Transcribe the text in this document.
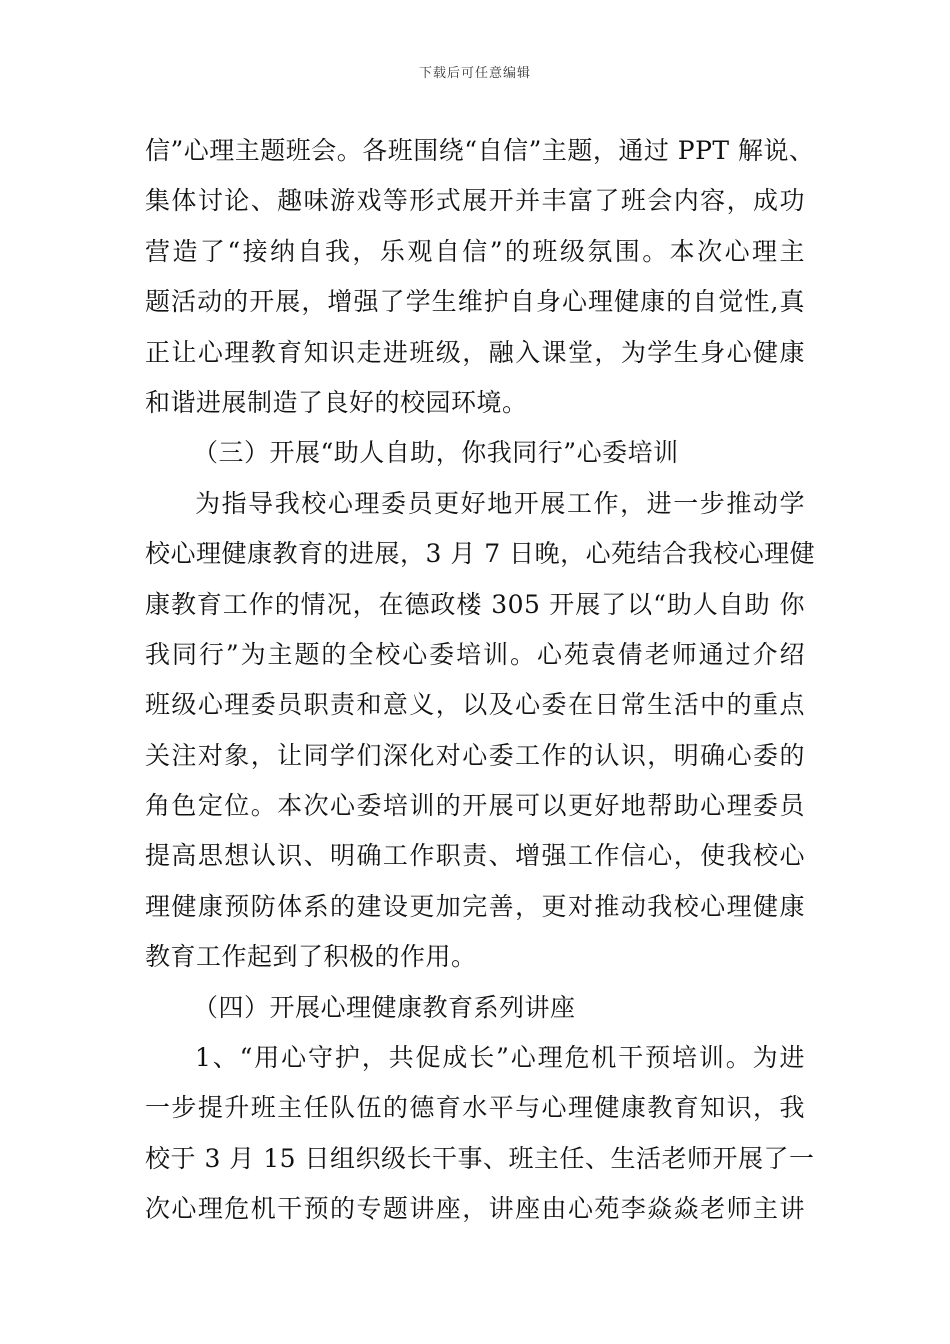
下载后可任意编辑
信”心理主题班会。各班围绕“自信”主题，通过 PPT 解说、
集体讨论、趣味游戏等形式展开并丰富了班会内容，成功
营造了“接纳自我，乐观自信”的班级氛围。本次心理主
题活动的开展，增强了学生维护自身心理健康的自觉性,真
正让心理教育知识走进班级，融入课堂，为学生身心健康
和谐进展制造了良好的校园环境。
（三）开展“助人自助，你我同行”心委培训
为指导我校心理委员更好地开展工作，进一步推动学
校心理健康教育的进展，3 月 7 日晚，心苑结合我校心理健
康教育工作的情况，在德政楼 305 开展了以“助人自助 你
我同行”为主题的全校心委培训。心苑袁倩老师通过介绍
班级心理委员职责和意义，以及心委在日常生活中的重点
关注对象，让同学们深化对心委工作的认识，明确心委的
角色定位。本次心委培训的开展可以更好地帮助心理委员
提高思想认识、明确工作职责、增强工作信心，使我校心
理健康预防体系的建设更加完善，更对推动我校心理健康
教育工作起到了积极的作用。
（四）开展心理健康教育系列讲座
1、“用心守护，共促成长”心理危机干预培训。为进
一步提升班主任队伍的德育水平与心理健康教育知识，我
校于 3 月 15 日组织级长干事、班主任、生活老师开展了一
次心理危机干预的专题讲座，讲座由心苑李焱焱老师主讲
